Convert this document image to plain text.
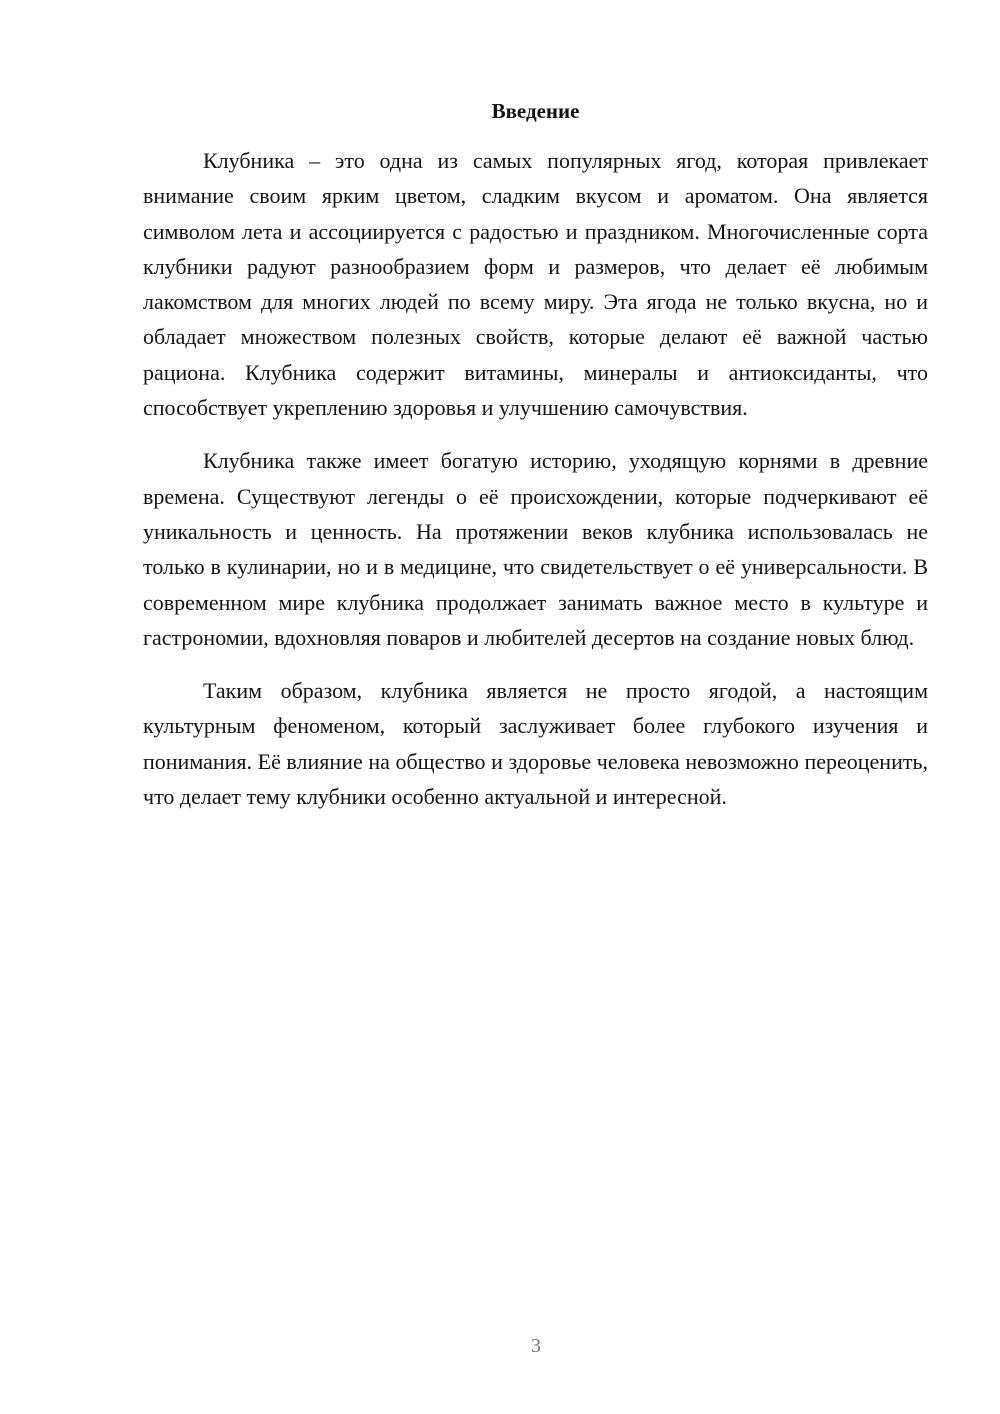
Введение

Клубника – это одна из самых популярных ягод, которая привлекает внимание своим ярким цветом, сладким вкусом и ароматом. Она является символом лета и ассоциируется с радостью и праздником. Многочисленные сорта клубники радуют разнообразием форм и размеров, что делает её любимым лакомством для многих людей по всему миру. Эта ягода не только вкусна, но и обладает множеством полезных свойств, которые делают её важной частью рациона. Клубника содержит витамины, минералы и антиоксиданты, что способствует укреплению здоровья и улучшению самочувствия.

Клубника также имеет богатую историю, уходящую корнями в древние времена. Существуют легенды о её происхождении, которые подчеркивают её уникальность и ценность. На протяжении веков клубника использовалась не только в кулинарии, но и в медицине, что свидетельствует о её универсальности. В современном мире клубника продолжает занимать важное место в культуре и гастрономии, вдохновляя поваров и любителей десертов на создание новых блюд.

Таким образом, клубника является не просто ягодой, а настоящим культурным феноменом, который заслуживает более глубокого изучения и понимания. Её влияние на общество и здоровье человека невозможно переоценить, что делает тему клубники особенно актуальной и интересной.

3
